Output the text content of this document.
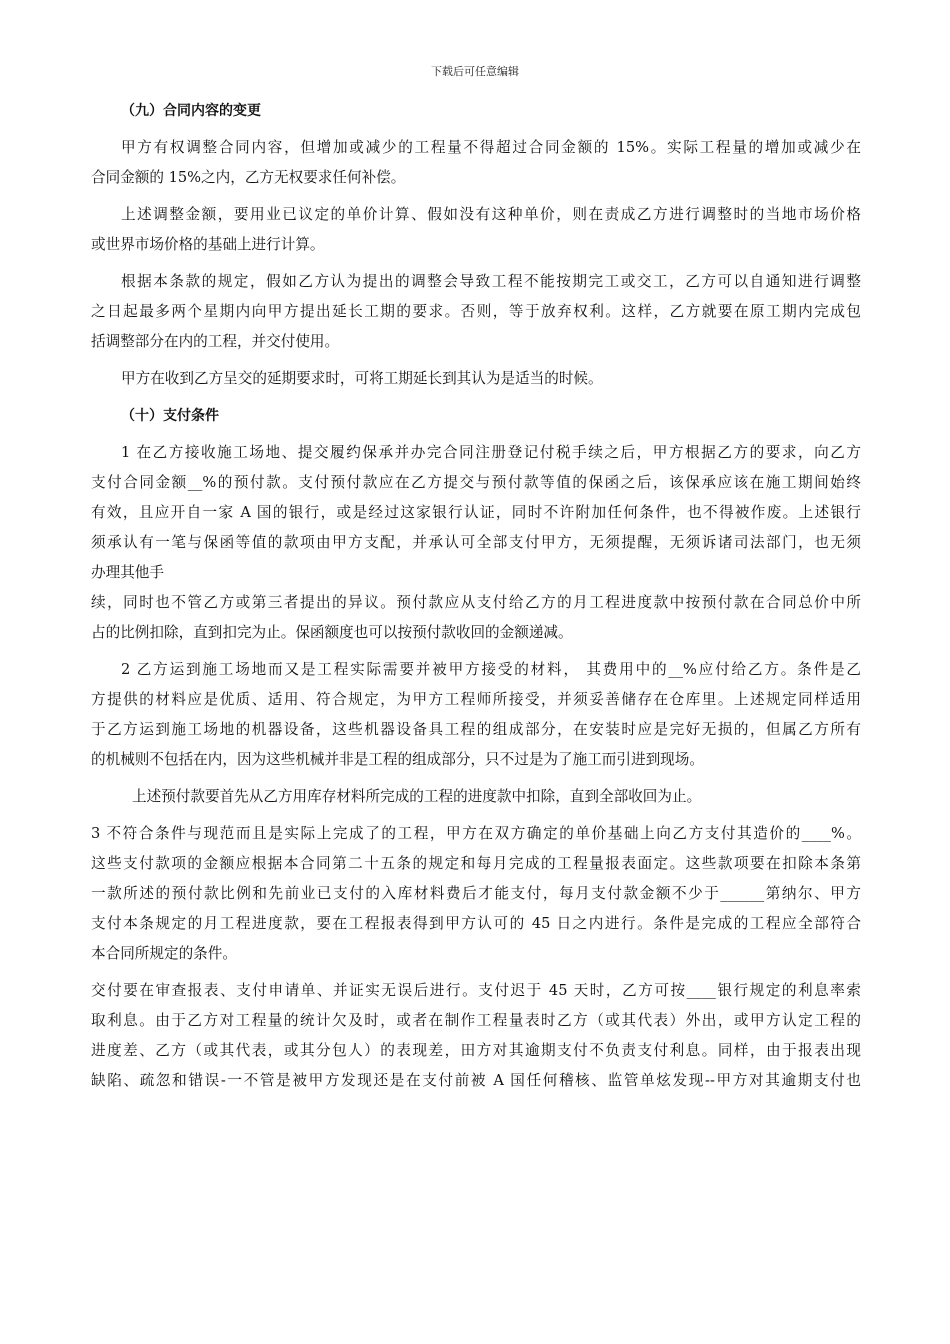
下载后可任意编辑
（九）合同内容的变更

甲方有权调整合同内容，但增加或减少的工程量不得超过合同金额的 15%。实际工程量的增加或减少在

合同金额的 15%之内，乙方无权要求任何补偿。

上述调整金额，要用业已议定的单价计算、假如没有这种单价，则在责成乙方进行调整时的当地市场价格

或世界市场价格的基础上进行计算。

根据本条款的规定，假如乙方认为提出的调整会导致工程不能按期完工或交工，乙方可以自通知进行调整

之日起最多两个星期内向甲方提出延长工期的要求。否则，等于放弃权利。这样，乙方就要在原工期内完成包

括调整部分在内的工程，并交付使用。

甲方在收到乙方呈交的延期要求时，可将工期延长到其认为是适当的时候。

（十）支付条件

1 在乙方接收施工场地、提交履约保承并办完合同注册登记付税手续之后，甲方根据乙方的要求，向乙方

支付合同金额__%的预付款。支付预付款应在乙方提交与预付款等值的保函之后，该保承应该在施工期间始终

有效，且应开自一家 A 国的银行，或是经过这家银行认证，同时不许附加任何条件，也不得被作废。上述银行

须承认有一笔与保函等值的款项由甲方支配，并承认可全部支付甲方，无须提醒，无须诉诸司法部门，也无须

办理其他手

续，同时也不管乙方或第三者提出的异议。预付款应从支付给乙方的月工程进度款中按预付款在合同总价中所

占的比例扣除，直到扣完为止。保函额度也可以按预付款收回的金额递减。

2 乙方运到施工场地而又是工程实际需要并被甲方接受的材料， 其费用中的__%应付给乙方。条件是乙

方提供的材料应是优质、适用、符合规定，为甲方工程师所接受，并须妥善储存在仓库里。上述规定同样适用

于乙方运到施工场地的机器设备，这些机器设备具工程的组成部分，在安装时应是完好无损的，但属乙方所有

的机械则不包括在内，因为这些机械并非是工程的组成部分，只不过是为了施工而引进到现场。

上述预付款要首先从乙方用库存材料所完成的工程的进度款中扣除，直到全部收回为止。

3 不符合条件与现范而且是实际上完成了的工程，甲方在双方确定的单价基础上向乙方支付其造价的____%。

这些支付款项的金额应根据本合同第二十五条的规定和每月完成的工程量报表面定。这些款项要在扣除本条第

一款所述的预付款比例和先前业已支付的入库材料费后才能支付，每月支付款金额不少于______第纳尔、甲方

支付本条规定的月工程进度款，要在工程报表得到甲方认可的 45 日之内进行。条件是完成的工程应全部符合

本合同所规定的条件。

交付要在审查报表、支付申请单、并证实无误后进行。支付迟于 45 天时，乙方可按____银行规定的利息率索

取利息。由于乙方对工程量的统计欠及时，或者在制作工程量表时乙方（或其代表）外出，或甲方认定工程的

进度差、乙方（或其代表，或其分包人）的表现差，田方对其逾期支付不负责支付利息。同样，由于报表出现

缺陷、疏忽和错误-一不管是被甲方发现还是在支付前被 A 国任何稽核、监管单炫发现--甲方对其逾期支付也
